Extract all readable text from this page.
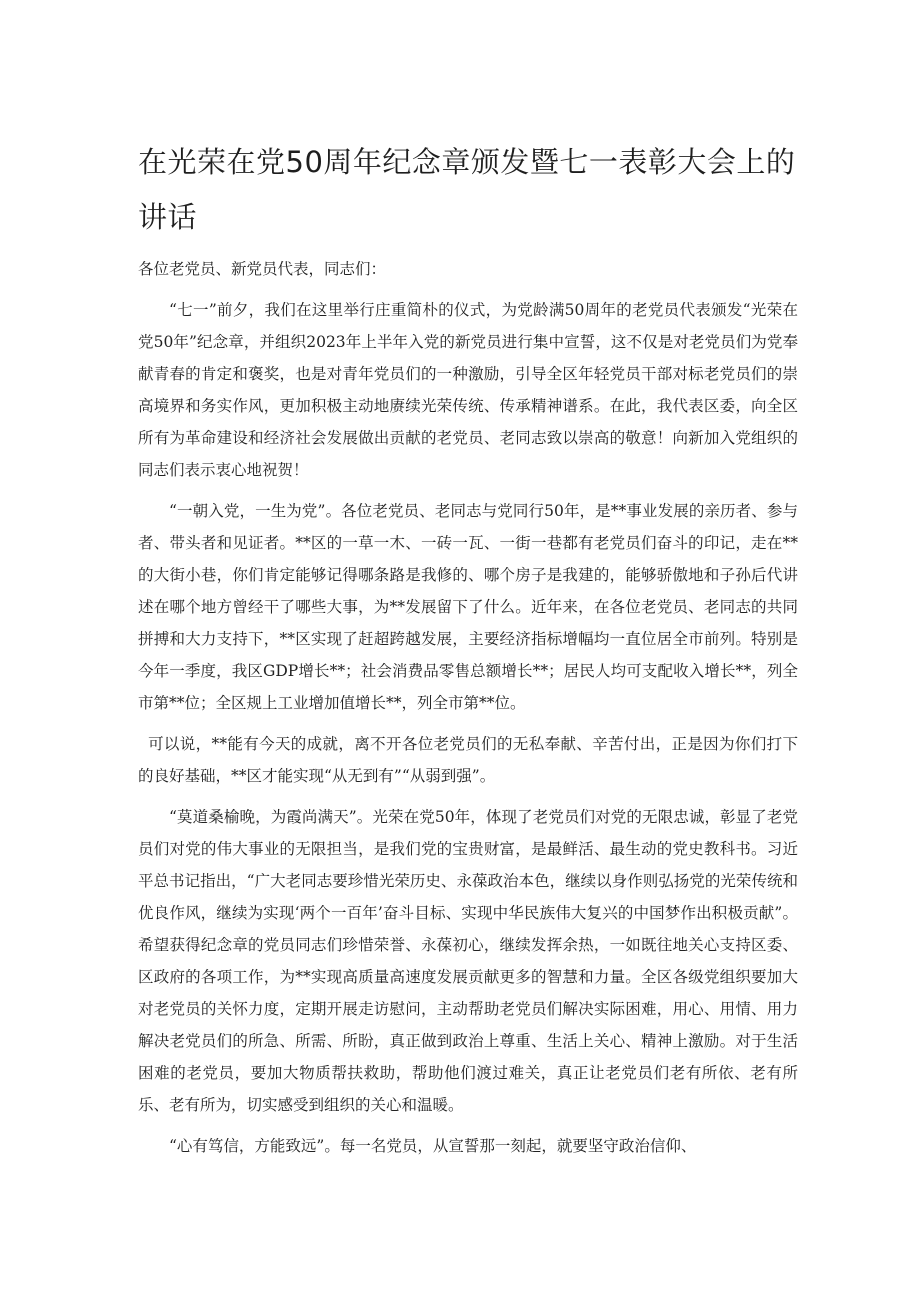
在光荣在党50周年纪念章颁发暨七一表彰大会上的讲话

各位老党员、新党员代表，同志们：

“七一”前夕，我们在这里举行庄重简朴的仪式，为党龄满50周年的老党员代表颁发“光荣在党50年”纪念章，并组织2023年上半年入党的新党员进行集中宣誓，这不仅是对老党员们为党奉献青春的肯定和褒奖，也是对青年党员们的一种激励，引导全区年轻党员干部对标老党员们的崇高境界和务实作风，更加积极主动地赓续光荣传统、传承精神谱系。在此，我代表区委，向全区所有为革命建设和经济社会发展做出贡献的老党员、老同志致以崇高的敬意！向新加入党组织的同志们表示衷心地祝贺！

“一朝入党，一生为党”。各位老党员、老同志与党同行50年，是**事业发展的亲历者、参与者、带头者和见证者。**区的一草一木、一砖一瓦、一街一巷都有老党员们奋斗的印记，走在**的大街小巷，你们肯定能够记得哪条路是我修的、哪个房子是我建的，能够骄傲地和子孙后代讲述在哪个地方曾经干了哪些大事，为**发展留下了什么。近年来，在各位老党员、老同志的共同拼搏和大力支持下，**区实现了赶超跨越发展，主要经济指标增幅均一直位居全市前列。特别是今年一季度，我区GDP增长**；社会消费品零售总额增长**；居民人均可支配收入增长**，列全市第**位；全区规上工业增加值增长**，列全市第**位。

可以说，**能有今天的成就，离不开各位老党员们的无私奉献、辛苦付出，正是因为你们打下的良好基础，**区才能实现“从无到有”“从弱到强”。

“莫道桑榆晚，为霞尚满天”。光荣在党50年，体现了老党员们对党的无限忠诚，彰显了老党员们对党的伟大事业的无限担当，是我们党的宝贵财富，是最鲜活、最生动的党史教科书。习近平总书记指出，“广大老同志要珍惜光荣历史、永葆政治本色，继续以身作则弘扬党的光荣传统和优良作风，继续为实现‘两个一百年’奋斗目标、实现中华民族伟大复兴的中国梦作出积极贡献”。希望获得纪念章的党员同志们珍惜荣誉、永葆初心，继续发挥余热，一如既往地关心支持区委、区政府的各项工作，为**实现高质量高速度发展贡献更多的智慧和力量。全区各级党组织要加大对老党员的关怀力度，定期开展走访慰问，主动帮助老党员们解决实际困难，用心、用情、用力解决老党员们的所急、所需、所盼，真正做到政治上尊重、生活上关心、精神上激励。对于生活困难的老党员，要加大物质帮扶救助，帮助他们渡过难关，真正让老党员们老有所依、老有所乐、老有所为，切实感受到组织的关心和温暖。

“心有笃信，方能致远”。每一名党员，从宣誓那一刻起，就要坚守政治信仰、
